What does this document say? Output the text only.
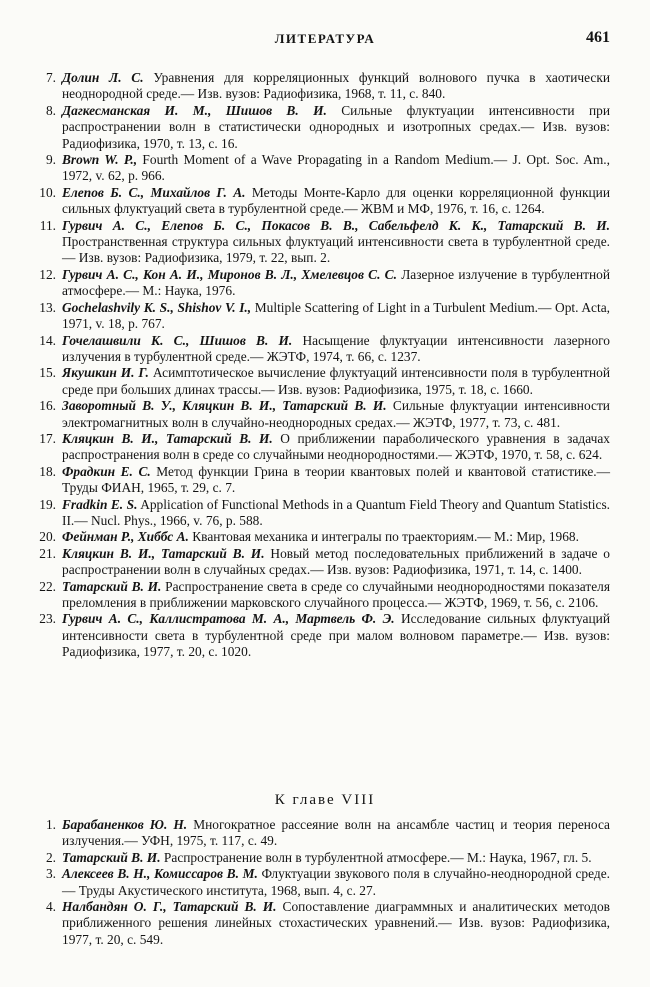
ЛИТЕРАТУРА	461

7. Долин Л. С. Уравнения для корреляционных функций волнового пучка в хаотически неоднородной среде.— Изв. вузов: Радиофизика, 1968, т. 11, с. 840.

8. Дагкесманская И. М., Шишов В. И. Сильные флуктуации интенсивности при распространении волн в статистически однородных и изотропных средах.— Изв. вузов: Радиофизика, 1970, т. 13, с. 16.

9. Brown W. P., Fourth Moment of a Wave Propagating in a Random Medium.— J. Opt. Soc. Am., 1972, v. 62, p. 966.

10. Елепов Б. С., Михайлов Г. А. Методы Монте-Карло для оценки корреляционной функции сильных флуктуаций света в турбулентной среде.— ЖВМ и МФ, 1976, т. 16, с. 1264.

11. Гурвич А. С., Елепов Б. С., Покасов В. В., Сабельфелд К. К., Татарский В. И. Пространственная структура сильных флуктуаций интенсивности света в турбулентной среде.— Изв. вузов: Радиофизика, 1979, т. 22, вып. 2.

12. Гурвич А. С., Кон А. И., Миронов В. Л., Хмелевцов С. С. Лазерное излучение в турбулентной атмосфере.— М.: Наука, 1976.

13. Gochelashvily K. S., Shishov V. I., Multiple Scattering of Light in a Turbulent Medium.— Opt. Acta, 1971, v. 18, p. 767.

14. Гочелашвили К. С., Шишов В. И. Насыщение флуктуации интенсивности лазерного излучения в турбулентной среде.— ЖЭТФ, 1974, т. 66, с. 1237.

15. Якушкин И. Г. Асимптотическое вычисление флуктуаций интенсивности поля в турбулентной среде при больших длинах трассы.— Изв. вузов: Радиофизика, 1975, т. 18, с. 1660.

16. Заворотный В. У., Кляцкин В. И., Татарский В. И. Сильные флуктуации интенсивности электромагнитных волн в случайно-неоднородных средах.— ЖЭТФ, 1977, т. 73, с. 481.

17. Кляцкин В. И., Татарский В. И. О приближении параболического уравнения в задачах распространения волн в среде со случайными неоднородностями.— ЖЭТФ, 1970, т. 58, с. 624.

18. Фрадкин Е. С. Метод функции Грина в теории квантовых полей и квантовой статистике.— Труды ФИАН, 1965, т. 29, с. 7.

19. Fradkin E. S. Application of Functional Methods in a Quantum Field Theory and Quantum Statistics. II.— Nucl. Phys., 1966, v. 76, p. 588.

20. Фейнман Р., Хиббс А. Квантовая механика и интегралы по траекториям.— М.: Мир, 1968.

21. Кляцкин В. И., Татарский В. И. Новый метод последовательных приближений в задаче о распространении волн в случайных средах.— Изв. вузов: Радиофизика, 1971, т. 14, с. 1400.

22. Татарский В. И. Распространение света в среде со случайными неоднородностями показателя преломления в приближении марковского случайного процесса.— ЖЭТФ, 1969, т. 56, с. 2106.

23. Гурвич А. С., Каллистратова М. А., Мартвель Ф. Э. Исследование сильных флуктуаций интенсивности света в турбулентной среде при малом волновом параметре.— Изв. вузов: Радиофизика, 1977, т. 20, с. 1020.

К главе VIII

1. Барабаненков Ю. Н. Многократное рассеяние волн на ансамбле частиц и теория переноса излучения.— УФН, 1975, т. 117, с. 49.

2. Татарский В. И. Распространение волн в турбулентной атмосфере.— М.: Наука, 1967, гл. 5.

3. Алексеев В. Н., Комиссаров В. М. Флуктуации звукового поля в случайно-неоднородной среде.— Труды Акустического института, 1968, вып. 4, с. 27.

4. Налбандян О. Г., Татарский В. И. Сопоставление диаграммных и аналитических методов приближенного решения линейных стохастических уравнений.— Изв. вузов: Радиофизика, 1977, т. 20, с. 549.
